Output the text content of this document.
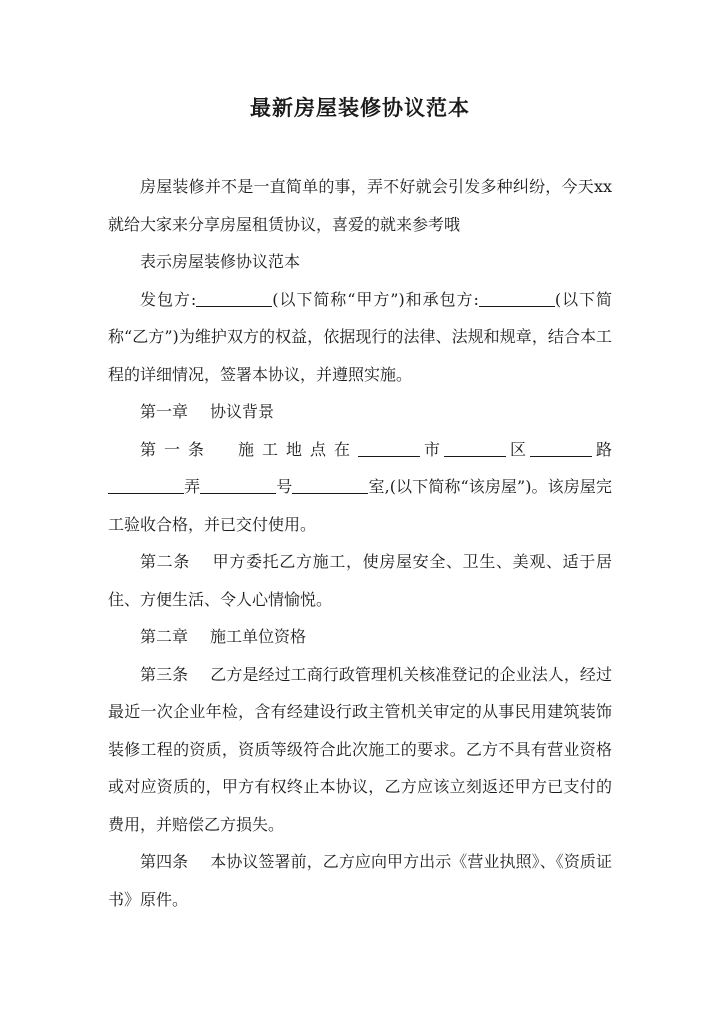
最新房屋装修协议范本

房屋装修并不是一直简单的事，弄不好就会引发多种纠纷，今天xx就给大家来分享房屋租赁协议，喜爱的就来参考哦

表示房屋装修协议范本

发包方:	(以下简称“甲方”)和承包方:	(以下简称“乙方”)为维护双方的权益，依据现行的法律、法规和规章，结合本工程的详细情况，签署本协议，并遵照实施。

第一章 协议背景

第一条 施工地点在	市	区	路弄	号	室,(以下简称“该房屋”)。该房屋完工验收合格，并已交付使用。

第二条 甲方委托乙方施工，使房屋安全、卫生、美观、适于居住、方便生活、令人心情愉悦。

第二章 施工单位资格

第三条 乙方是经过工商行政管理机关核准登记的企业法人，经过最近一次企业年检，含有经建设行政主管机关审定的从事民用建筑装饰装修工程的资质，资质等级符合此次施工的要求。乙方不具有营业资格或对应资质的，甲方有权终止本协议，乙方应该立刻返还甲方已支付的费用，并赔偿乙方损失。

第四条 本协议签署前，乙方应向甲方出示《营业执照》、《资质证书》原件。
